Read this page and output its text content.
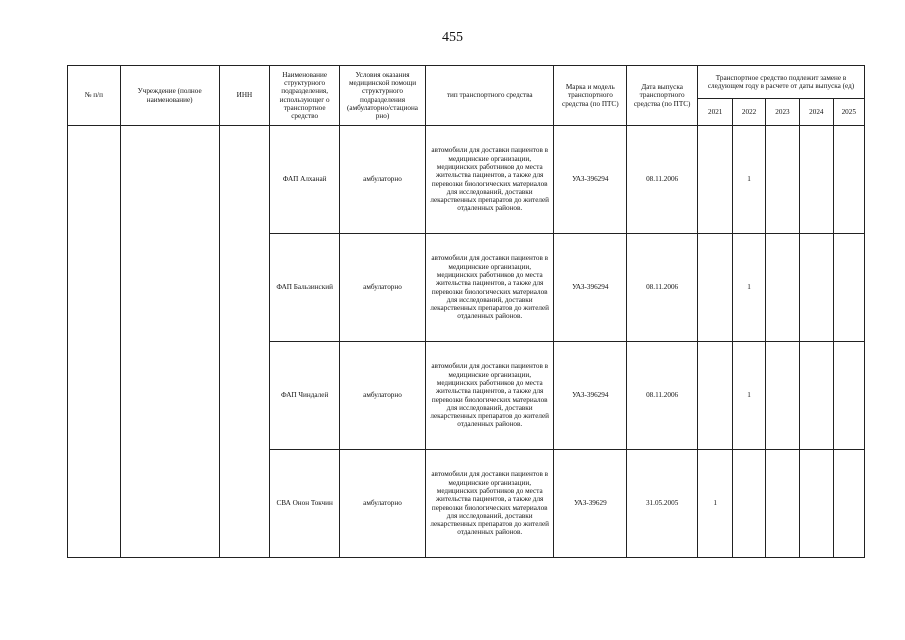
455
№ п/п	Учреждение (полное наименование)	ИНН	Наименование структурного подразделения, использующег о транспортное средство	Условия оказания медицинской помощи структурного подразделения (амбулаторно/стациона рно)	тип транспортного средства	Марка и модель транспортного средства (по ПТС)	Дата выпуска транспортного средства (по ПТС)	Транспортное средство подлежит замене в следующем году в расчете от даты выпуска (ед)				
								2021	2022	2023	2024	2025
			ФАП Алханай	амбулаторно	автомобили для доставки пациентов в медицинские организации, медицинских работников до места жительства пациентов, а также для перевозки биологических материалов для исследований, доставки лекарственных препаратов до жителей отдаленных районов.	УАЗ-396294	08.11.2006		1			
			ФАП Бальзинский	амбулаторно	автомобили для доставки пациентов в медицинские организации, медицинских работников до места жительства пациентов, а также для перевозки биологических материалов для исследований, доставки лекарственных препаратов до жителей отдаленных районов.	УАЗ-396294	08.11.2006		1			
			ФАП Чиндалей	амбулаторно	автомобили для доставки пациентов в медицинские организации, медицинских работников до места жительства пациентов, а также для перевозки биологических материалов для исследований, доставки лекарственных препаратов до жителей отдаленных районов.	УАЗ-396294	08.11.2006		1			
			СВА Онон Токчин	амбулаторно	автомобили для доставки пациентов в медицинские организации, медицинских работников до места жительства пациентов, а также для перевозки биологических материалов для исследований, доставки лекарственных препаратов до жителей отдаленных районов.	УАЗ-39629	31.05.2005	1				
